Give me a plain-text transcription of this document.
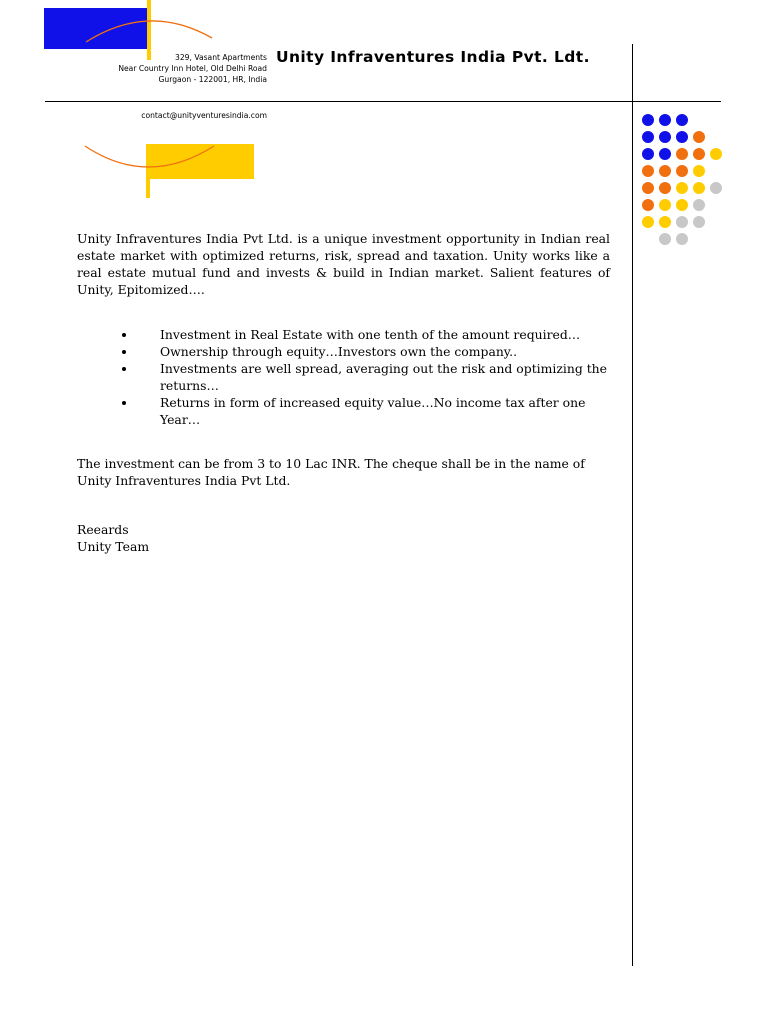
329, Vasant Apartments
Near Country Inn Hotel, Old Delhi Road
Gurgaon - 122001, HR, India
Unity Infraventures India Pvt. Ldt.
contact@unityventuresindia.com

Unity Infraventures India Pvt Ltd. is a unique investment opportunity in Indian real estate market with optimized returns, risk, spread and taxation. Unity works like a real estate mutual fund and invests & build in Indian market. Salient features of Unity, Epitomized….

Investment in Real Estate with one tenth of the amount required…
Ownership through equity…Investors own the company..
Investments are well spread, averaging out the risk and optimizing the returns…
Returns in form of increased equity value…No income tax after one Year…

The investment can be from 3 to 10 Lac INR. The cheque shall be in the name of Unity Infraventures India Pvt Ltd.

Reeards
Unity Team
